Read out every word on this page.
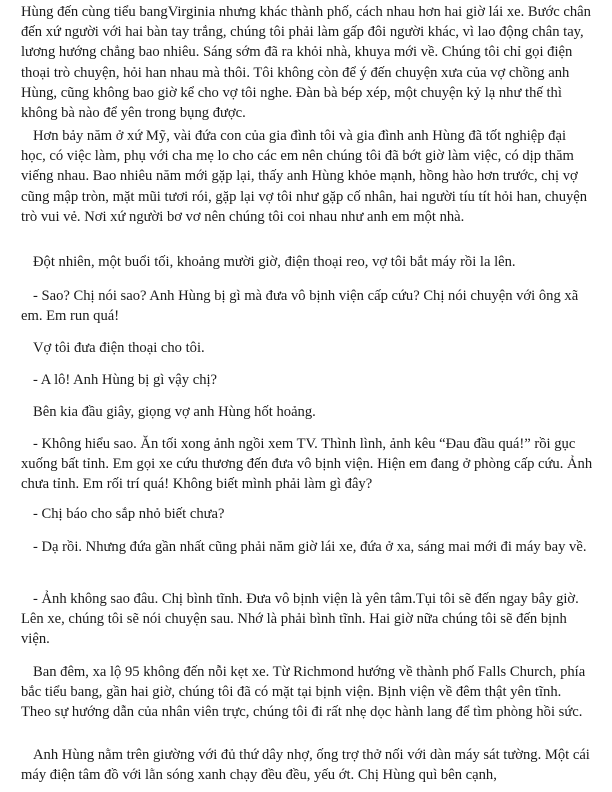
Hùng đến cùng tiểu bangVirginia nhưng khác thành phố, cách nhau hơn hai giờ lái xe. Bước chân đến xứ người với hai bàn tay trắng, chúng tôi phải làm gấp đôi người khác, vì lao động chân tay, lương hướng chẳng bao nhiêu. Sáng sớm đã ra khỏi nhà, khuya mới về. Chúng tôi chỉ gọi điện thoại trò chuyện, hỏi han nhau mà thôi. Tôi không còn để ý đến chuyện xưa của vợ chồng anh Hùng, cũng không bao giờ kể cho vợ tôi nghe. Đàn bà bép xép, một chuyện kỷ lạ như thế thì không bà nào để yên trong bụng được.

Hơn bảy năm ở xứ Mỹ, vài đứa con của gia đình tôi và gia đình anh Hùng đã tốt nghiệp đại học, có việc làm, phụ với cha mẹ lo cho các em nên chúng tôi đã bớt giờ làm việc, có dịp thăm viếng nhau. Bao nhiêu năm mới gặp lại, thấy anh Hùng khỏe mạnh, hồng hào hơn trước, chị vợ cũng mập tròn, mặt mũi tươi rói, gặp lại vợ tôi như gặp cố nhân, hai người tíu tít hỏi han, chuyện trò vui vẻ. Nơi xứ người bơ vơ nên chúng tôi coi nhau như anh em một nhà.

Đột nhiên, một buổi tối, khoảng mười giờ, điện thoại reo, vợ tôi bắt máy rồi la lên.

- Sao? Chị nói sao? Anh Hùng bị gì mà đưa vô bịnh viện cấp cứu? Chị nói chuyện với ông xã em. Em run quá!

Vợ tôi đưa điện thoại cho tôi.

- A lô! Anh Hùng bị gì vậy chị?

Bên kia đầu giây, giọng vợ anh Hùng hốt hoảng.

- Không hiểu sao. Ăn tối xong ảnh ngồi xem TV. Thình lình, ảnh kêu “Đau đầu quá!” rồi gục xuống bất tỉnh. Em gọi xe cứu thương đến đưa vô bịnh viện. Hiện em đang ở phòng cấp cứu. Ảnh chưa tỉnh. Em rối trí quá! Không biết mình phải làm gì đây?

- Chị báo cho sắp nhỏ biết chưa?

- Dạ rồi. Nhưng đứa gần nhất cũng phải năm giờ lái xe, đứa ở xa, sáng mai mới đi máy bay về.

- Ảnh không sao đâu. Chị bình tĩnh. Đưa vô bịnh viện là yên tâm.Tụi tôi sẽ đến ngay bây giờ. Lên xe, chúng tôi sẽ nói chuyện sau. Nhớ là phải bình tĩnh. Hai giờ nữa chúng tôi sẽ đến bịnh viện.

Ban đêm, xa lộ 95 không đến nỗi kẹt xe. Từ Richmond hướng về thành phố Falls Church, phía bắc tiểu bang, gần hai giờ, chúng tôi đã có mặt tại bịnh viện. Bịnh viện về đêm thật yên tĩnh. Theo sự hướng dẫn của nhân viên trực, chúng tôi đi rất nhẹ dọc hành lang để tìm phòng hồi sức.

Anh Hùng nằm trên giường với đủ thứ dây nhợ, ống trợ thở nối với dàn máy sát tường. Một cái máy điện tâm đồ với lằn sóng xanh chạy đều đều, yếu ớt. Chị Hùng quì bên cạnh,
